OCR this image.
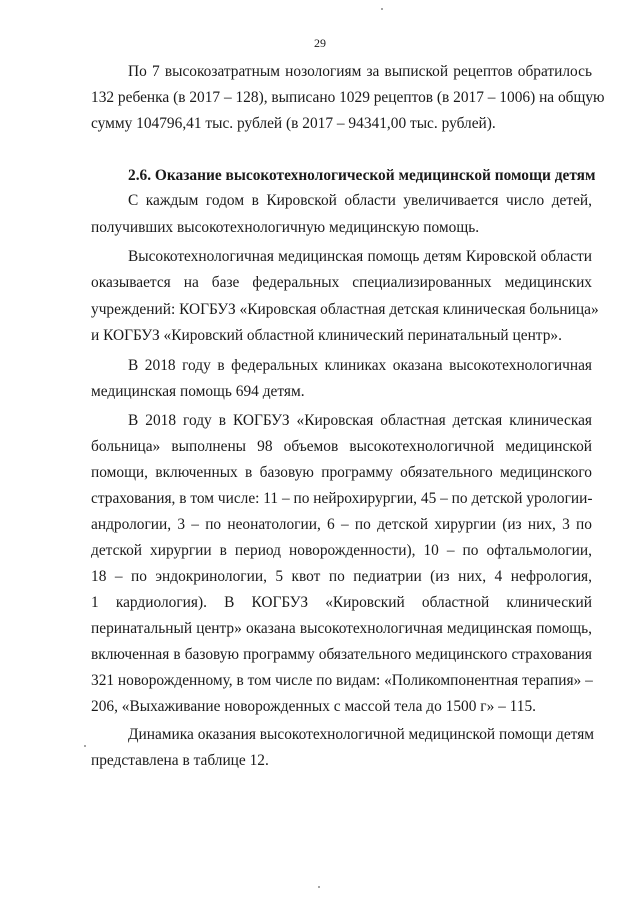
29
По 7 высокозатратным нозологиям за выпиской рецептов обратилось
132 ребенка (в 2017 – 128), выписано 1029 рецептов (в 2017 – 1006) на общую
сумму 104796,41 тыс. рублей (в 2017 – 94341,00 тыс. рублей).
2.6. Оказание высокотехнологической медицинской помощи детям
С каждым годом в Кировской области увеличивается число детей,
получивших высокотехнологичную медицинскую помощь.
Высокотехнологичная медицинская помощь детям Кировской области
оказывается на базе федеральных специализированных медицинских
учреждений: КОГБУЗ «Кировская областная детская клиническая больница»
и КОГБУЗ «Кировский областной клинический перинатальный центр».
В 2018 году в федеральных клиниках оказана высокотехнологичная
медицинская помощь 694 детям.
В 2018 году в КОГБУЗ «Кировская областная детская клиническая
больница» выполнены 98 объемов высокотехнологичной медицинской
помощи, включенных в базовую программу обязательного медицинского
страхования, в том числе: 11 – по нейрохирургии, 45 – по детской урологии-
андрологии, 3 – по неонатологии, 6 – по детской хирургии (из них, 3 по
детской хирургии в период новорожденности), 10 – по офтальмологии,
18 – по эндокринологии, 5 квот по педиатрии (из них, 4 нефрология,
1 кардиология). В КОГБУЗ «Кировский областной клинический
перинатальный центр» оказана высокотехнологичная медицинская помощь,
включенная в базовую программу обязательного медицинского страхования
321 новорожденному, в том числе по видам: «Поликомпонентная терапия» –
206, «Выхаживание новорожденных с массой тела до 1500 г» – 115.
Динамика оказания высокотехнологичной медицинской помощи детям
представлена в таблице 12.
